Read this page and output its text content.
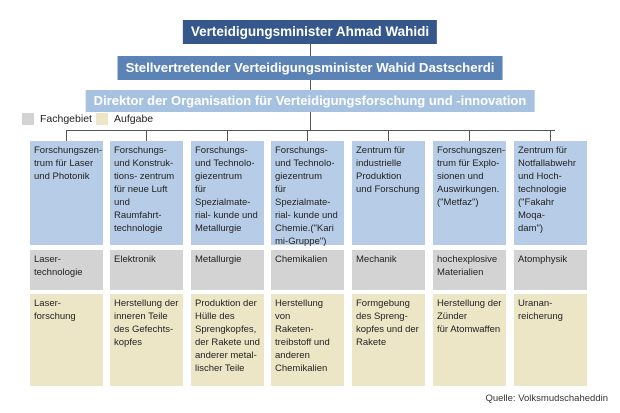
Verteidigungsminister Ahmad Wahidi
Stellvertretender Verteidigungsminister Wahid Dastscherdi
Direktor der Organisation für Verteidigungsforschung und -innovation
Fachgebiet Aufgabe
Forschungszen-
trum für Laser
und Photonik
Laser-
technologie
Laser-
forschung
Forschungs-
und Konstruk-
tions- zentrum
für neue Luft
und Raumfahrt-
technologie
Elektronik
Herstellung der
inneren Teile
des Gefechts-
kopfes
Forschungs-
und Technolo-
giezentrum
für Spezialmate-
rial- kunde und
Metallurgie
Metallurgie
Produktion der
Hülle des
Sprengkopfes,
der Rakete und
anderer metal-
lischer Teile
Forschungs-
und Technolo-
giezentrum
für Spezialmate-
rial- kunde und
Chemie.("Kari
mi-Gruppe")
Chemikalien
Herstellung von
Raketen-
treibstoff und
anderen
Chemikalien
Zentrum für
industrielle
Produktion
und Forschung
Mechanik
Formgebung
des Spreng-
kopfes und der
Rakete
Forschungszen-
trum für Explo-
sionen und
Auswirkungen.
("Metfaz")
hochexplosive
Materialien
Herstellung der
Zünder
für Atomwaffen
Zentrum für
Notfallabwehr
und Hoch-
technologie
("Fakahr Moqa-
dam")
Atomphysik
Uranan-
reicherung
Quelle: Volksmudschaheddin
